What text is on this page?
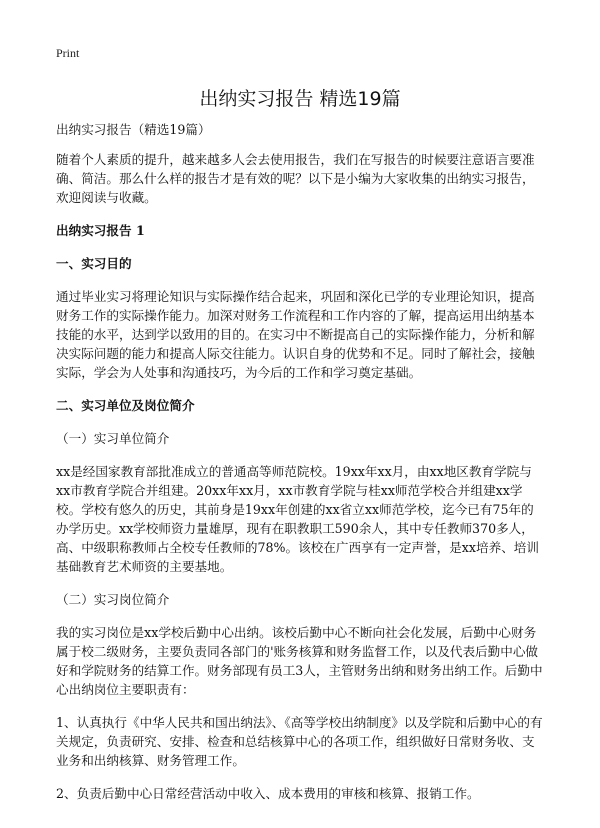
Print
出纳实习报告 精选19篇

出纳实习报告（精选19篇）

随着个人素质的提升，越来越多人会去使用报告，我们在写报告的时候要注意语言要准确、简洁。那么什么样的报告才是有效的呢？以下是小编为大家收集的出纳实习报告，欢迎阅读与收藏。

出纳实习报告 1

一、实习目的

通过毕业实习将理论知识与实际操作结合起来，巩固和深化已学的专业理论知识，提高财务工作的实际操作能力。加深对财务工作流程和工作内容的了解，提高运用出纳基本技能的水平，达到学以致用的目的。在实习中不断提高自己的实际操作能力，分析和解决实际问题的能力和提高人际交往能力。认识自身的优势和不足。同时了解社会，接触实际，学会为人处事和沟通技巧，为今后的工作和学习奠定基础。

二、实习单位及岗位简介

（一）实习单位简介

xx是经国家教育部批准成立的普通高等师范院校。19xx年xx月，由xx地区教育学院与xx市教育学院合并组建。20xx年xx月，xx市教育学院与桂xx师范学校合并组建xx学校。学校有悠久的历史，其前身是19xx年创建的xx省立xx师范学校，迄今已有75年的办学历史。xx学校师资力量雄厚，现有在职教职工590余人，其中专任教师370多人，高、中级职称教师占全校专任教师的78%。该校在广西享有一定声誉，是xx培养、培训基础教育艺术师资的主要基地。

（二）实习岗位简介

我的实习岗位是xx学校后勤中心出纳。该校后勤中心不断向社会化发展，后勤中心财务属于校二级财务，主要负责同各部门的'账务核算和财务监督工作，以及代表后勤中心做好和学院财务的结算工作。财务部现有员工3人，主管财务出纳和财务出纳工作。后勤中心出纳岗位主要职责有：

1、认真执行《中华人民共和国出纳法》、《高等学校出纳制度》以及学院和后勤中心的有关规定，负责研究、安排、检查和总结核算中心的各项工作，组织做好日常财务收、支业务和出纳核算、财务管理工作。

2、负责后勤中心日常经营活动中收入、成本费用的审核和核算、报销工作。
